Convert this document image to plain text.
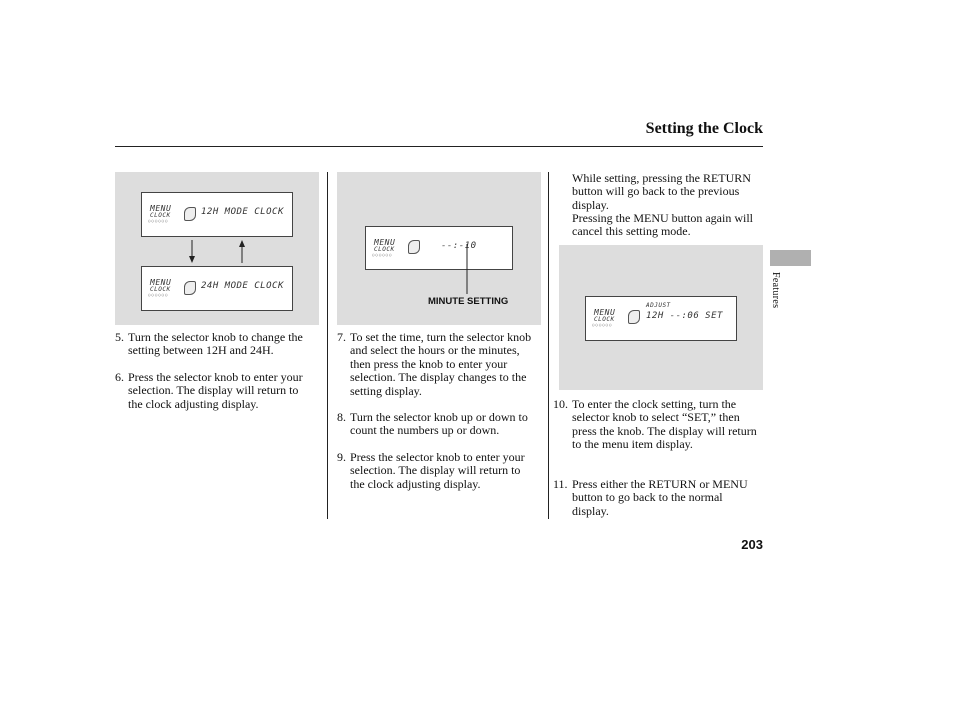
Setting the Clock
Features
MENU
CLOCK
○○○○○○
12H MODE CLOCK
MENU
CLOCK
○○○○○○
24H MODE CLOCK
MENU
CLOCK
○○○○○○
--:-10
MINUTE SETTING
While setting, pressing the RETURN button will go back to the previous display.
Pressing the MENU button again will cancel this setting mode.
MENU
CLOCK
○○○○○○
ADJUST
12H --:06 SET
5. Turn the selector knob to change the setting between 12H and 24H.
6. Press the selector knob to enter your selection. The display will return to the clock adjusting display.
7. To set the time, turn the selector knob and select the hours or the minutes, then press the knob to enter your selection. The display changes to the setting display.
8. Turn the selector knob up or down to count the numbers up or down.
9. Press the selector knob to enter your selection. The display will return to the clock adjusting display.
10. To enter the clock setting, turn the selector knob to select “SET,” then press the knob. The display will return to the menu item display.
11. Press either the RETURN or MENU button to go back to the normal display.
203
